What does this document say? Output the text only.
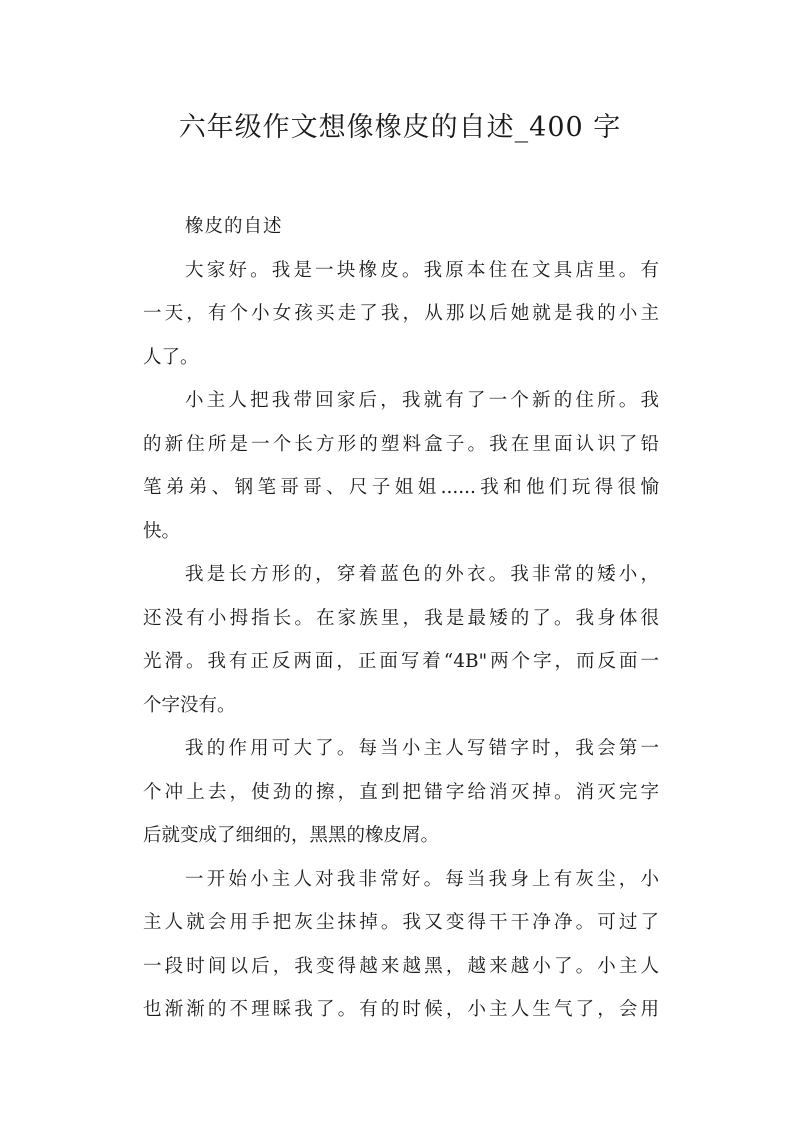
六年级作文想像橡皮的自述_400 字
橡皮的自述
大家好。我是一块橡皮。我原本住在文具店里。有
一天，有个小女孩买走了我，从那以后她就是我的小主
人了。
小主人把我带回家后，我就有了一个新的住所。我
的新住所是一个长方形的塑料盒子。我在里面认识了铅
笔弟弟、钢笔哥哥、尺子姐姐......我和他们玩得很愉
快。
我是长方形的，穿着蓝色的外衣。我非常的矮小，
还没有小拇指长。在家族里，我是最矮的了。我身体很
光滑。我有正反两面，正面写着“4B"两个字，而反面一
个字没有。
我的作用可大了。每当小主人写错字时，我会第一
个冲上去，使劲的擦，直到把错字给消灭掉。消灭完字
后就变成了细细的，黑黑的橡皮屑。
一开始小主人对我非常好。每当我身上有灰尘，小
主人就会用手把灰尘抹掉。我又变得干干净净。可过了
一段时间以后，我变得越来越黑，越来越小了。小主人
也渐渐的不理睬我了。有的时候，小主人生气了，会用
